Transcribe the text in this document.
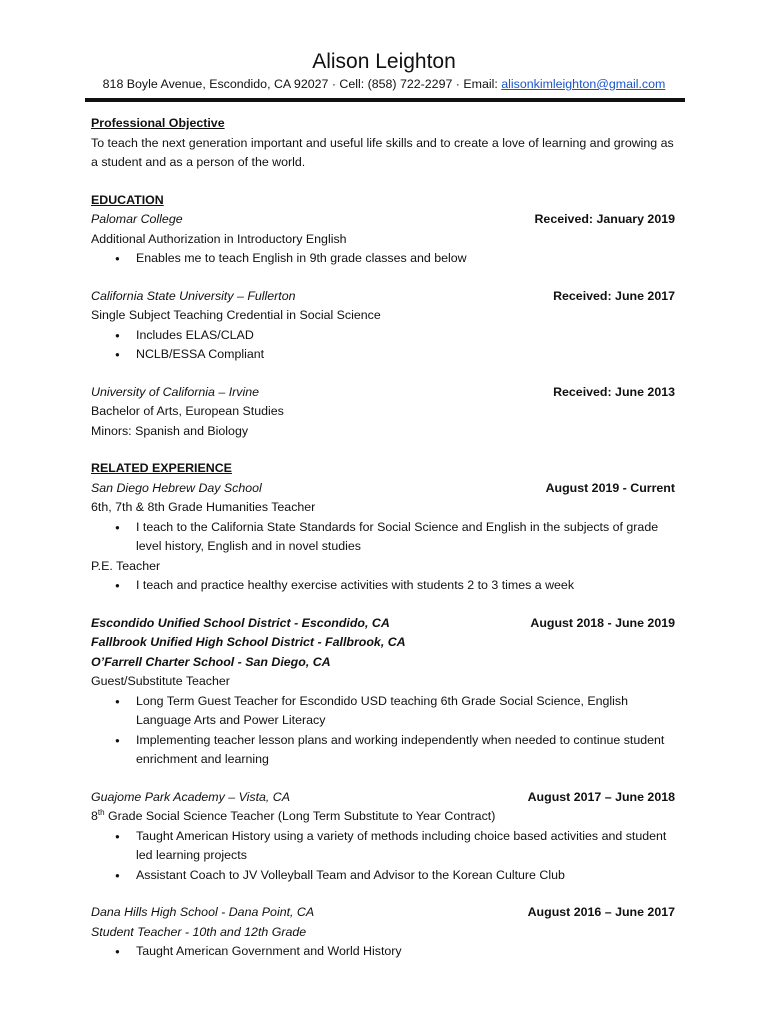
Alison Leighton
818 Boyle Avenue, Escondido, CA 92027 · Cell: (858) 722-2297 · Email: alisonkimleighton@gmail.com
Professional Objective
To teach the next generation important and useful life skills and to create a love of learning and growing as a student and as a person of the world.
EDUCATION
Palomar College	Received: January 2019
Additional Authorization in Introductory English
● Enables me to teach English in 9th grade classes and below
California State University – Fullerton	Received: June 2017
Single Subject Teaching Credential in Social Science
● Includes ELAS/CLAD
● NCLB/ESSA Compliant
University of California – Irvine	Received: June 2013
Bachelor of Arts, European Studies
Minors: Spanish and Biology
RELATED EXPERIENCE
San Diego Hebrew Day School	August 2019 - Current
6th, 7th & 8th Grade Humanities Teacher
● I teach to the California State Standards for Social Science and English in the subjects of grade level history, English and in novel studies
P.E. Teacher
● I teach and practice healthy exercise activities with students 2 to 3 times a week
Escondido Unified School District - Escondido, CA	August 2018 - June 2019
Fallbrook Unified High School District - Fallbrook, CA
O’Farrell Charter School - San Diego, CA
Guest/Substitute Teacher
● Long Term Guest Teacher for Escondido USD teaching 6th Grade Social Science, English Language Arts and Power Literacy
● Implementing teacher lesson plans and working independently when needed to continue student enrichment and learning
Guajome Park Academy – Vista, CA	August 2017 – June 2018
8th Grade Social Science Teacher (Long Term Substitute to Year Contract)
● Taught American History using a variety of methods including choice based activities and student led learning projects
● Assistant Coach to JV Volleyball Team and Advisor to the Korean Culture Club
Dana Hills High School - Dana Point, CA	August 2016 – June 2017
Student Teacher - 10th and 12th Grade
● Taught American Government and World History
